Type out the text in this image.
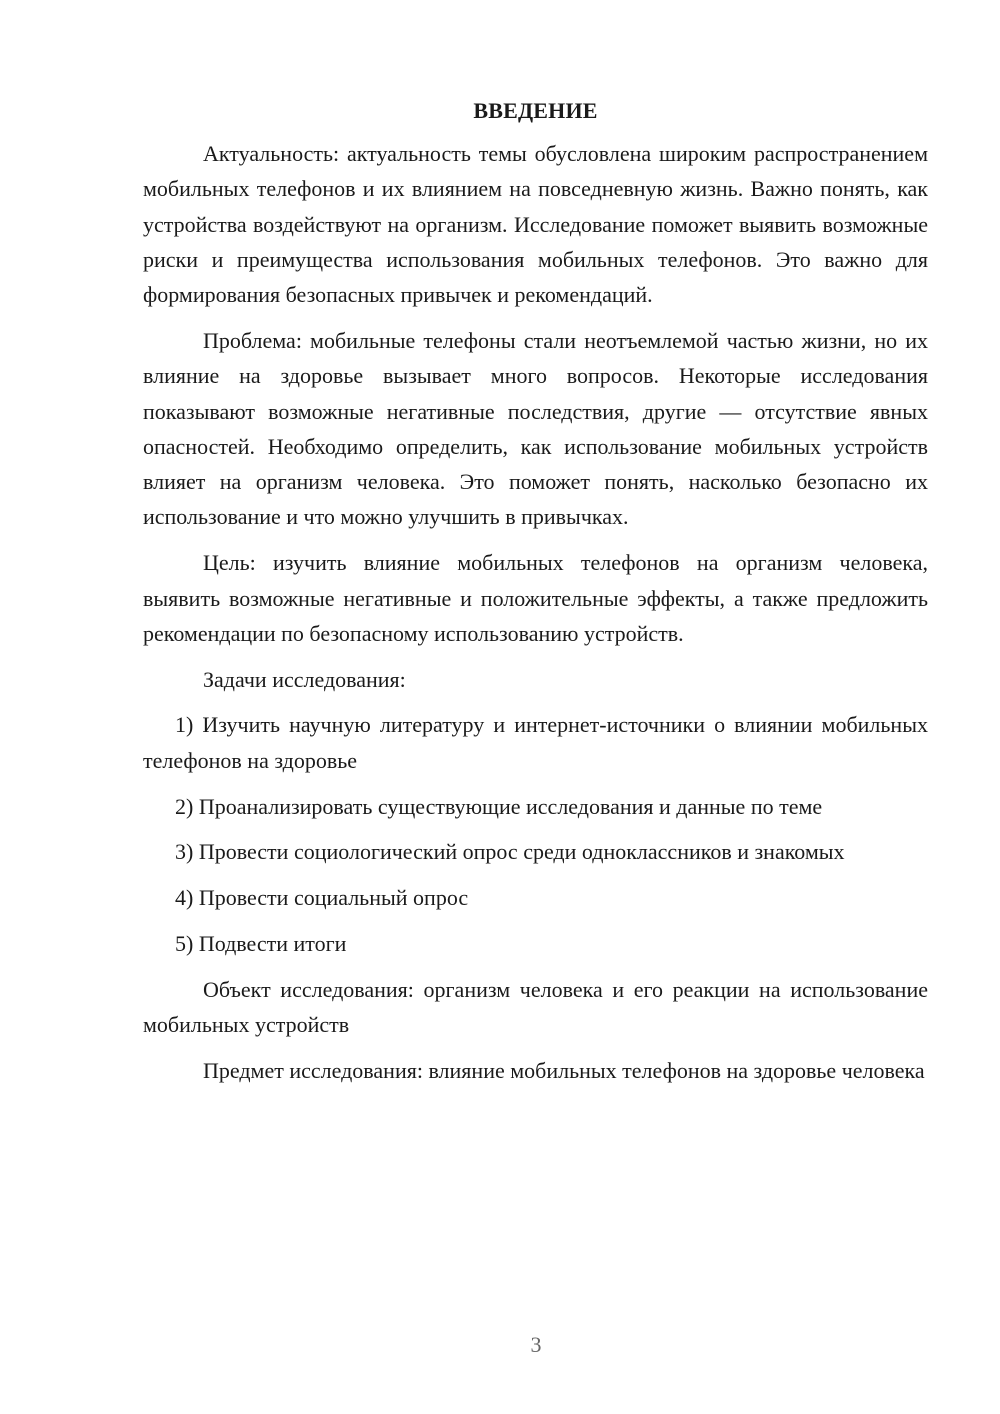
ВВЕДЕНИЕ

Актуальность: актуальность темы обусловлена широким распространением мобильных телефонов и их влиянием на повседневную жизнь. Важно понять, как устройства воздействуют на организм. Исследование поможет выявить возможные риски и преимущества использования мобильных телефонов. Это важно для формирования безопасных привычек и рекомендаций.

Проблема: мобильные телефоны стали неотъемлемой частью жизни, но их влияние на здоровье вызывает много вопросов. Некоторые исследования показывают возможные негативные последствия, другие — отсутствие явных опасностей. Необходимо определить, как использование мобильных устройств влияет на организм человека. Это поможет понять, насколько безопасно их использование и что можно улучшить в привычках.

Цель: изучить влияние мобильных телефонов на организм человека, выявить возможные негативные и положительные эффекты, а также предложить рекомендации по безопасному использованию устройств.

Задачи исследования:

1) Изучить научную литературу и интернет-источники о влиянии мобильных телефонов на здоровье

2) Проанализировать существующие исследования и данные по теме

3) Провести социологический опрос среди одноклассников и знакомых

4) Провести социальный опрос

5) Подвести итоги

Объект исследования: организм человека и его реакции на использование мобильных устройств

Предмет исследования: влияние мобильных телефонов на здоровье человека

3
